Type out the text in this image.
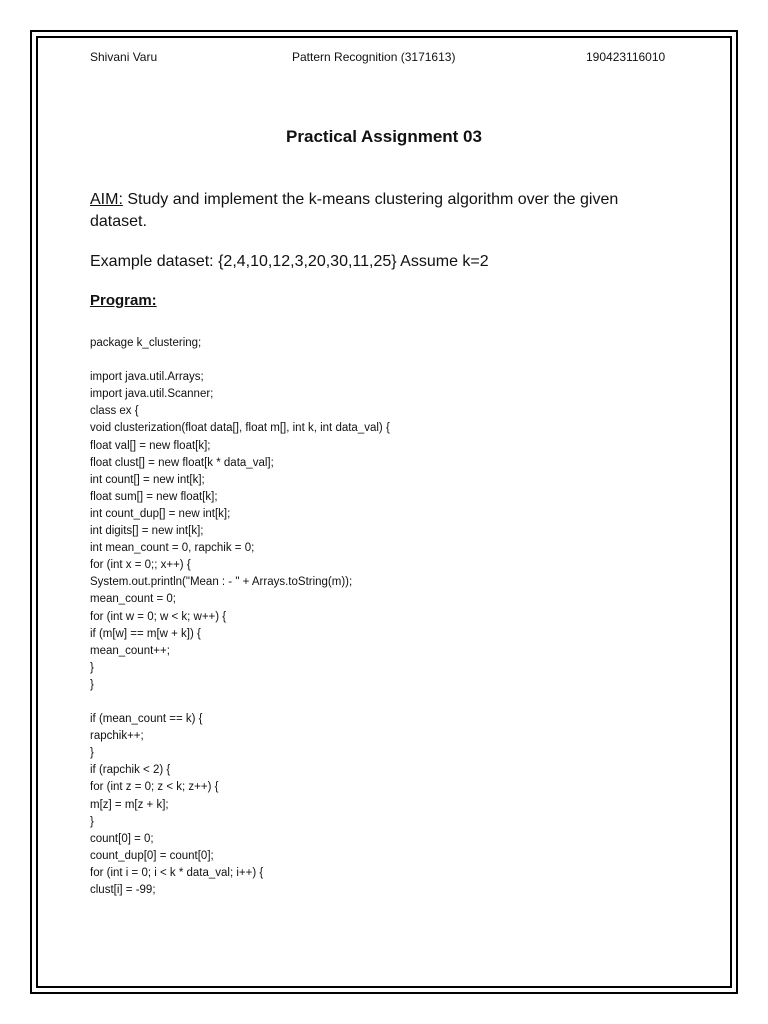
Shivani Varu	Pattern Recognition (3171613)	190423116010
Practical Assignment 03
AIM: Study and implement the k-means clustering algorithm over the given dataset.
Example dataset: {2,4,10,12,3,20,30,11,25} Assume k=2
Program:
package k_clustering;
import java.util.Arrays;
import java.util.Scanner;
class ex {
void clusterization(float data[], float m[], int k, int data_val) {
float val[] = new float[k];
float clust[] = new float[k * data_val];
int count[] = new int[k];
float sum[] = new float[k];
int count_dup[] = new int[k];
int digits[] = new int[k];
int mean_count = 0, rapchik = 0;
for (int x = 0;; x++) {
System.out.println("Mean : - " + Arrays.toString(m));
mean_count = 0;
for (int w = 0; w < k; w++) {
if (m[w] == m[w + k]) {
mean_count++;
}
}
if (mean_count == k) {
rapchik++;
}
if (rapchik < 2) {
for (int z = 0; z < k; z++) {
m[z] = m[z + k];
}
count[0] = 0;
count_dup[0] = count[0];
for (int i = 0; i < k * data_val; i++) {
clust[i] = -99;
